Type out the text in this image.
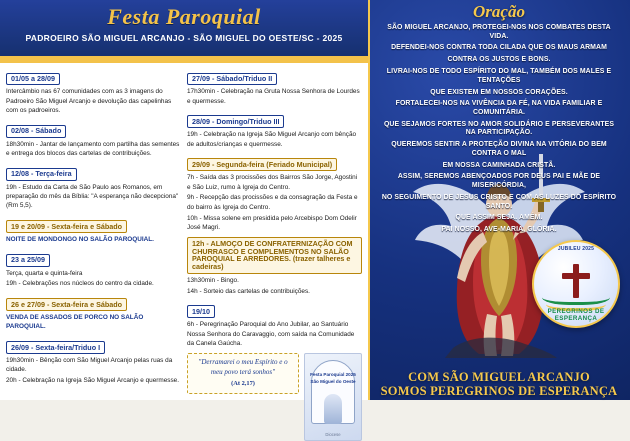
Festa Paroquial
PADROEIRO SÃO MIGUEL ARCANJO - SÃO MIGUEL DO OESTE/SC - 2025
01/05 a 28/09

Intercâmbio nas 67 comunidades com as 3 imagens do Padroeiro São Miguel Arcanjo e devolução das capelinhas com os padroeiros.

02/08 - Sábado

18h30min - Jantar de lançamento com partilha das sementes e entrega dos blocos das cartelas de contribuições.

12/08 - Terça-feira

19h - Estudo da Carta de São Paulo aos Romanos, em preparação do mês da Bíblia: "A esperança não decepciona" (Rm 5,5).

19 e 20/09 - Sexta-feira e Sábado

NOITE DE MONDONGO NO SALÃO PAROQUIAL.

23 a 25/09

Terça, quarta e quinta-feira

19h - Celebrações nos núcleos do centro da cidade.

26 e 27/09 - Sexta-feira e Sábado

VENDA DE ASSADOS DE PORCO NO SALÃO PAROQUIAL.

26/09 - Sexta-feira/Triduo I

19h30min - Bênção com São Miguel Arcanjo pelas ruas da cidade.

20h - Celebração na Igreja São Miguel Arcanjo e quermesse.

27/09 - Sábado/Triduo II

17h30min - Celebração na Gruta Nossa Senhora de Lourdes e quermesse.

28/09 - Domingo/Triduo III

19h - Celebração na Igreja São Miguel Arcanjo com bênção de adultos/crianças e quermesse.

29/09 - Segunda-feira (Feriado Municipal)

7h - Saída das 3 procissões dos Bairros São Jorge, Agostini e São Luiz, rumo à Igreja do Centro.

9h - Recepção das procissões e da consagração da Festa e do bairro às Igreja do Centro.

10h - Missa solene em presidida pelo Arcebispo Dom Odelir José Magri.

12h - ALMOÇO DE CONFRATERNIZAÇÃO COM CHURRASCO E COMPLEMENTOS NO SALÃO PAROQUIAL E ARREDORES. (trazer talheres e cadeiras)

13h30min - Bingo.

14h - Sorteio das cartelas de contribuições.

19/10

6h - Peregrinação Paroquial do Ano Jubilar, ao Santuário Nossa Senhora do Caravaggio, com saída na Comunidade da Canela Gaúcha.

"Derramarei o meu Espírito e o meu povo terá sonhos"
(At 2,17)
Festa Paroquial 2025
São Miguel do Oeste
Diocese
Oração

SÃO MIGUEL ARCANJO, PROTEGEI-NOS NOS COMBATES DESTA VIDA.

DEFENDEI-NOS CONTRA TODA CILADA QUE OS MAUS ARMAM

CONTRA OS JUSTOS E BONS.

LIVRAI-NOS DE TODO ESPÍRITO DO MAL, TAMBÉM DOS MALES E TENTAÇÕES

QUE EXISTEM EM NOSSOS CORAÇÕES.

FORTALECEI-NOS NA VIVÊNCIA DA FÉ, NA VIDA FAMILIAR E COMUNITÁRIA.

QUE SEJAMOS FORTES NO AMOR SOLIDÁRIO E PERSEVERANTES NA PARTICIPAÇÃO.

QUEREMOS SENTIR A PROTEÇÃO DIVINA NA VITÓRIA DO BEM CONTRA O MAL

EM NOSSA CAMINHADA CRISTÃ.

ASSIM, SEREMOS ABENÇOADOS POR DEUS PAI E MÃE DE MISERICÓRDIA,

NO SEGUIMENTO DE JESUS CRISTO E COM AS LUZES DO ESPÍRITO SANTO.

QUE ASSIM SEJA. AMÉM.

PAI NOSSO, AVE-MARIA, GLÓRIA.

JUBILEU 2025
PEREGRINOS DE ESPERANÇA
COM SÃO MIGUEL ARCANJO
SOMOS PEREGRINOS DE ESPERANÇA
